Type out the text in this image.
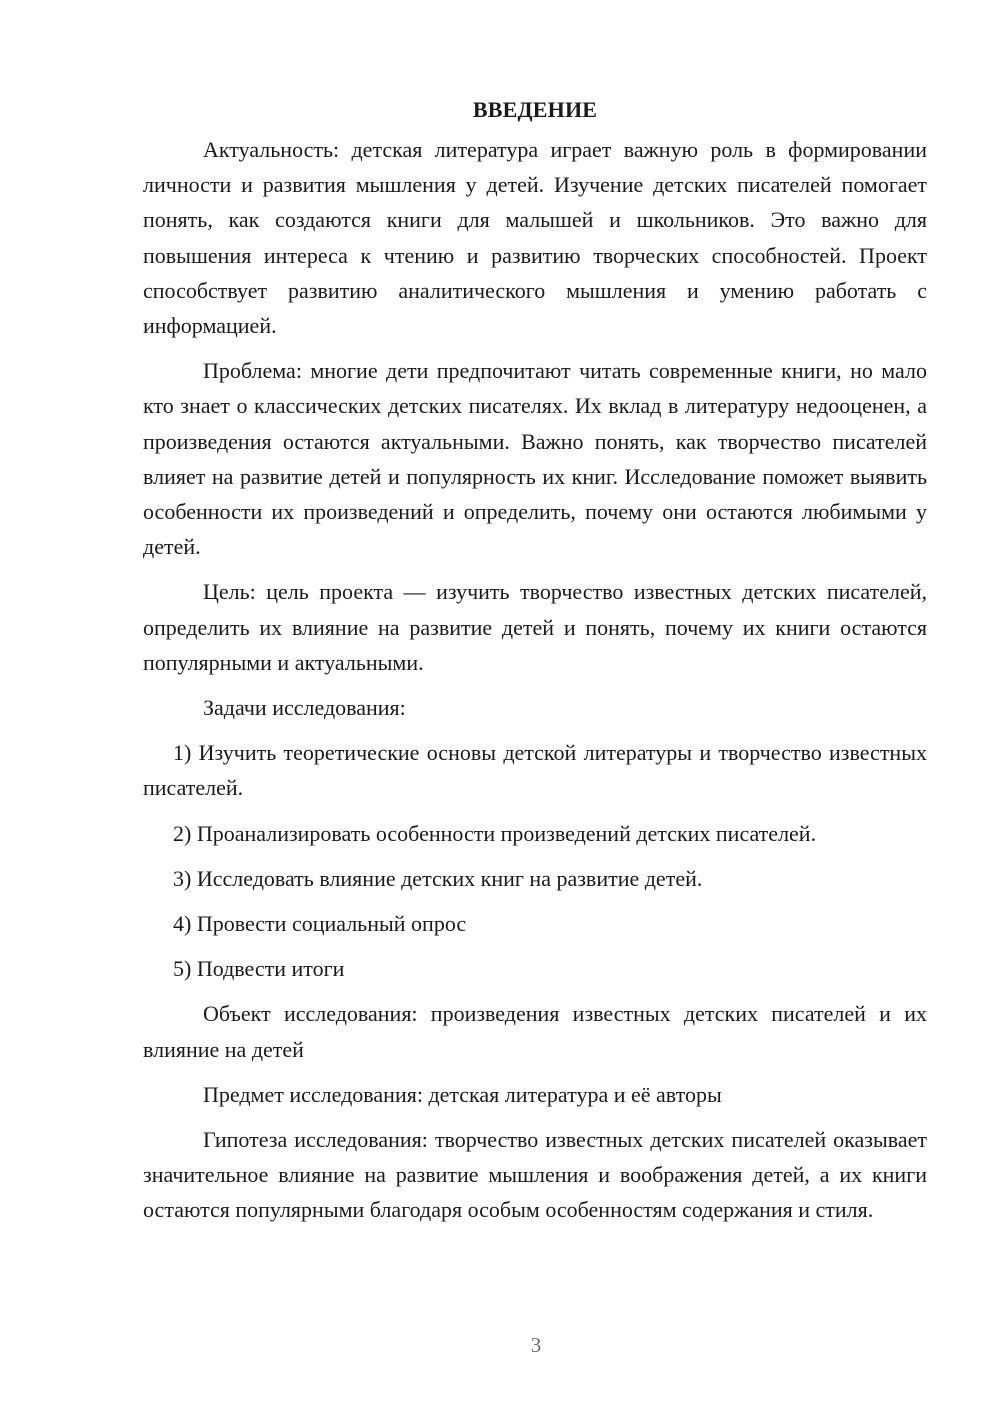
ВВЕДЕНИЕ

Актуальность: детская литература играет важную роль в формировании личности и развития мышления у детей. Изучение детских писателей помогает понять, как создаются книги для малышей и школьников. Это важно для повышения интереса к чтению и развитию творческих способностей. Проект способствует развитию аналитического мышления и умению работать с информацией.

Проблема: многие дети предпочитают читать современные книги, но мало кто знает о классических детских писателях. Их вклад в литературу недооценен, а произведения остаются актуальными. Важно понять, как творчество писателей влияет на развитие детей и популярность их книг. Исследование поможет выявить особенности их произведений и определить, почему они остаются любимыми у детей.

Цель: цель проекта — изучить творчество известных детских писателей, определить их влияние на развитие детей и понять, почему их книги остаются популярными и актуальными.

Задачи исследования:

1) Изучить теоретические основы детской литературы и творчество известных писателей.

2) Проанализировать особенности произведений детских писателей.

3) Исследовать влияние детских книг на развитие детей.

4) Провести социальный опрос

5) Подвести итоги

Объект исследования: произведения известных детских писателей и их влияние на детей

Предмет исследования: детская литература и её авторы

Гипотеза исследования: творчество известных детских писателей оказывает значительное влияние на развитие мышления и воображения детей, а их книги остаются популярными благодаря особым особенностям содержания и стиля.

3
